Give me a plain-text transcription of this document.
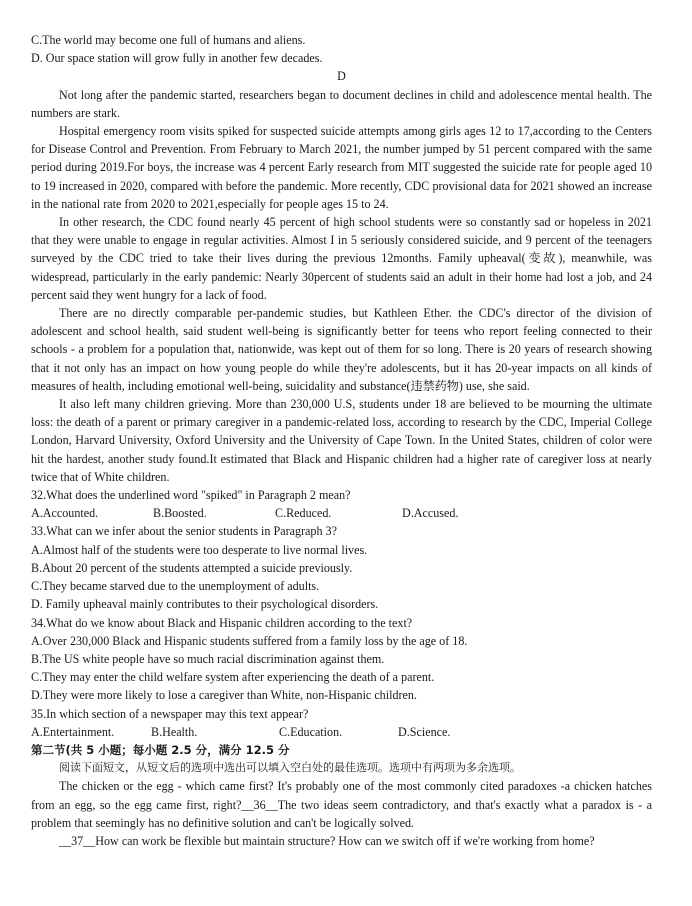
C.The world may become one full of humans and aliens.

D. Our space station will grow fully in another few decades.

D

Not long after the pandemic started, researchers began to document declines in child and adolescence mental health. The numbers are stark.

Hospital emergency room visits spiked for suspected suicide attempts among girls ages 12 to 17,according to the Centers for Disease Control and Prevention. From February to March 2021, the number jumped by 51 percent compared with the same period during 2019.For boys, the increase was 4 percent Early research from MIT suggested the suicide rate for people aged 10 to 19 increased in 2020, compared with before the pandemic. More recently, CDC provisional data for 2021 showed an increase in the national rate from 2020 to 2021,especially for people ages 15 to 24.

In other research, the CDC found nearly 45 percent of high school students were so constantly sad or hopeless in 2021 that they were unable to engage in regular activities. Almost I in 5 seriously considered suicide, and 9 percent of the teenagers surveyed by the CDC tried to take their lives during the previous 12months. Family upheaval(变故), meanwhile, was widespread, particularly in the early pandemic: Nearly 30percent of students said an adult in their home had lost a job, and 24 percent said they went hungry for a lack of food.

There are no directly comparable per-pandemic studies, but Kathleen Ether. the CDC's director of the division of adolescent and school health, said student well-being is significantly better for teens who report feeling connected to their schools - a problem for a population that, nationwide, was kept out of them for so long. There is 20 years of research showing that it not only has an impact on how young people do while they're adolescents, but it has 20-year impacts on all kinds of measures of health, including emotional well-being, suicidality and substance(违禁药物) use, she said.

It also left many children grieving. More than 230,000 U.S, students under 18 are believed to be mourning the ultimate loss: the death of a parent or primary caregiver in a pandemic-related loss, according to research by the CDC, Imperial College London, Harvard University, Oxford University and the University of Cape Town. In the United States, children of color were hit the hardest, another study found.It estimated that Black and Hispanic children had a higher rate of caregiver loss at nearly twice that of White children.

32.What does the underlined word "spiked" in Paragraph 2 mean?

A.Accounted.	B.Boosted.	C.Reduced.	D.Accused.

33.What can we infer about the senior students in Paragraph 3?

A.Almost half of the students were too desperate to live normal lives.

B.About 20 percent of the students attempted a suicide previously.

C.They became starved due to the unemployment of adults.

D. Family upheaval mainly contributes to their psychological disorders.

34.What do we know about Black and Hispanic children according to the text?

A.Over 230,000 Black and Hispanic students suffered from a family loss by the age of 18.

B.The US white people have so much racial discrimination against them.

C.They may enter the child welfare system after experiencing the death of a parent.

D.They were more likely to lose a caregiver than White, non-Hispanic children.

35.In which section of a newspaper may this text appear?

A.Entertainment.	B.Health.	C.Education.	D.Science.

第二节(共 5 小题；每小题 2.5 分，满分 12.5 分

阅读下面短文，从短文后的选项中选出可以填入空白处的最佳选项。选项中有两项为多余选项。

The chicken or the egg - which came first? It's probably one of the most commonly cited paradoxes -a chicken hatches from an egg, so the egg came first, right?__36__The two ideas seem contradictory, and that's exactly what a paradox is - a problem that seemingly has no definitive solution and can't be logically solved.

__37__How can work be flexible but maintain structure? How can we switch off if we're working from home?
